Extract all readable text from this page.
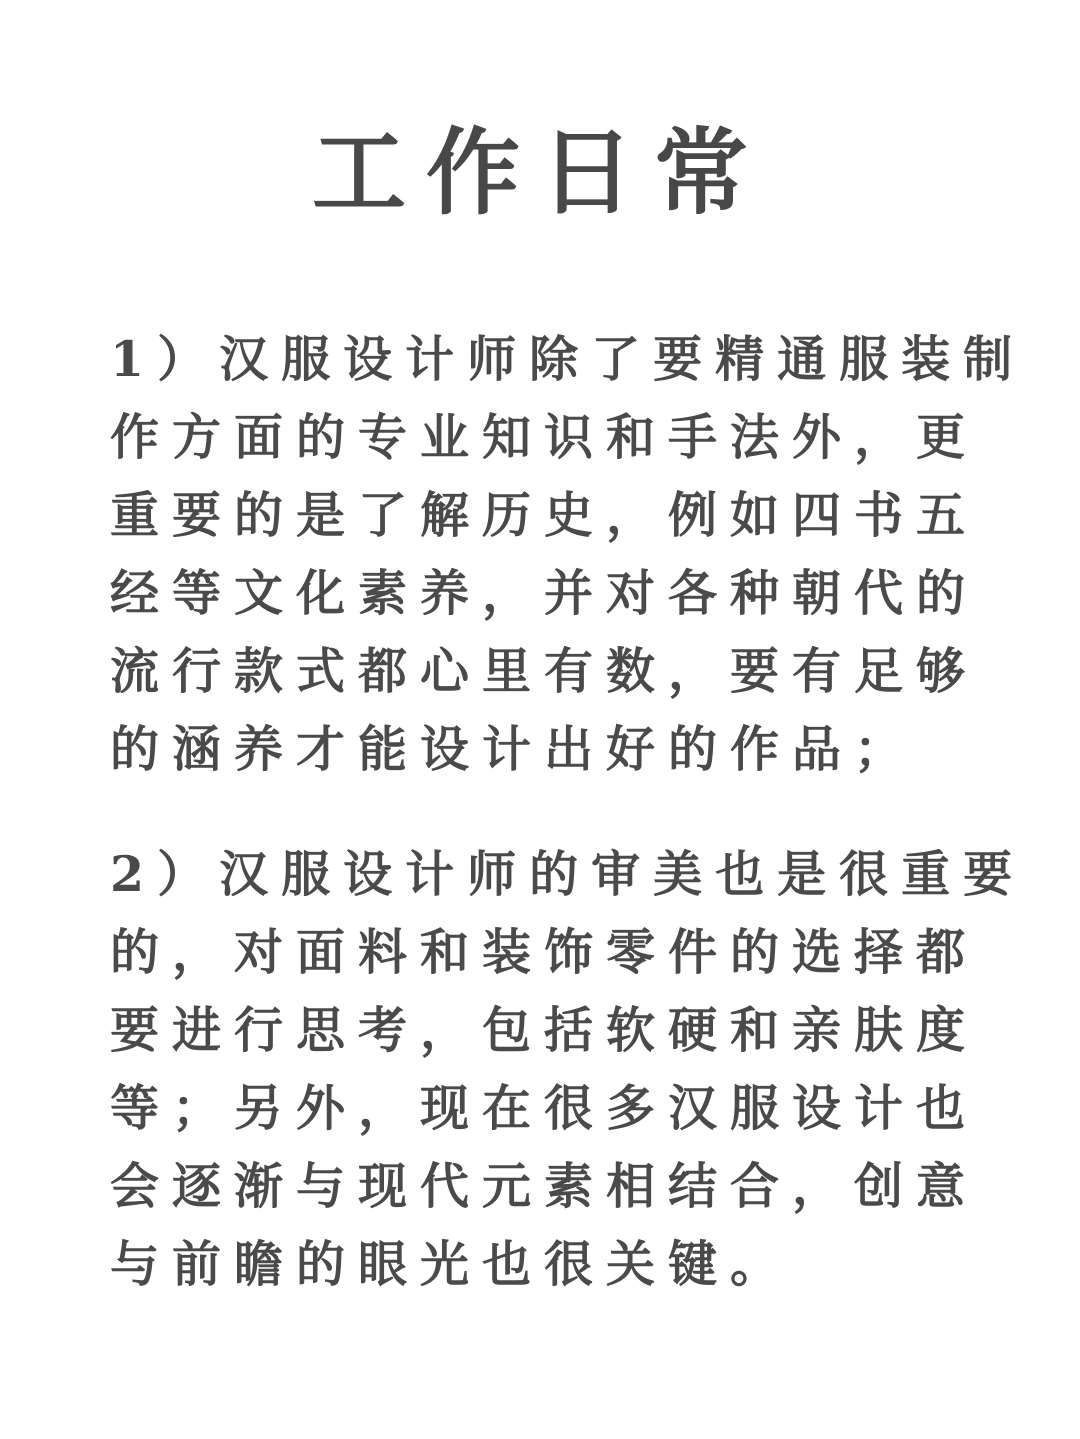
工作日常
1）汉服设计师除了要精通服装制
作方面的专业知识和手法外，更
重要的是了解历史，例如四书五
经等文化素养，并对各种朝代的
流行款式都心里有数，要有足够
的涵养才能设计出好的作品；
2）汉服设计师的审美也是很重要
的，对面料和装饰零件的选择都
要进行思考，包括软硬和亲肤度
等；另外，现在很多汉服设计也
会逐渐与现代元素相结合，创意
与前瞻的眼光也很关键。
